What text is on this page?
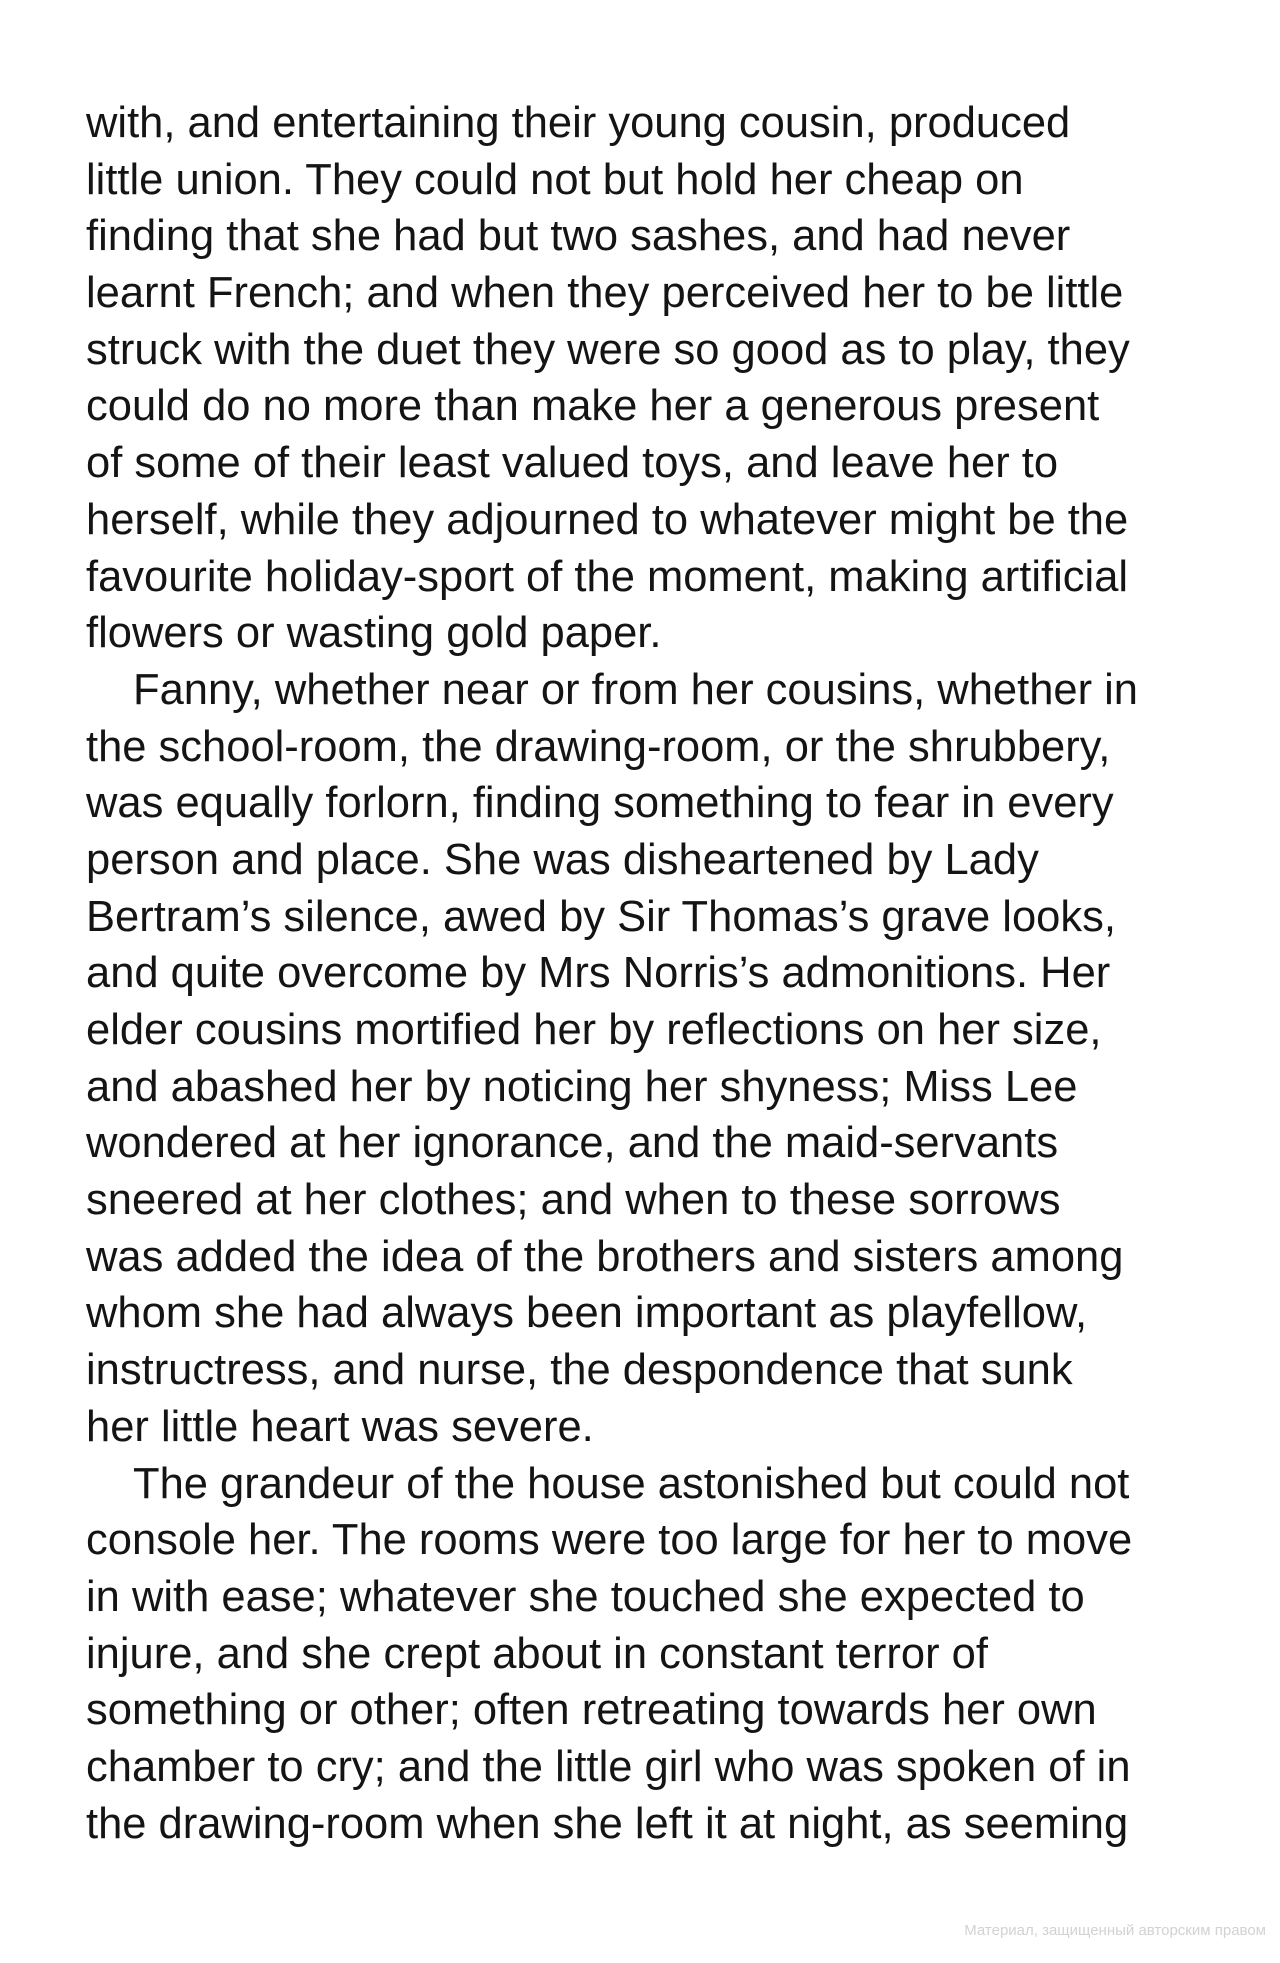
with, and entertaining their young cousin, produced
little union. They could not but hold her cheap on
finding that she had but two sashes, and had never
learnt French; and when they perceived her to be little
struck with the duet they were so good as to play, they
could do no more than make her a generous present
of some of their least valued toys, and leave her to
herself, while they adjourned to whatever might be the
favourite holiday-sport of the moment, making artificial
flowers or wasting gold paper.
Fanny, whether near or from her cousins, whether in
the school-room, the drawing-room, or the shrubbery,
was equally forlorn, finding something to fear in every
person and place. She was disheartened by Lady
Bertram’s silence, awed by Sir Thomas’s grave looks,
and quite overcome by Mrs Norris’s admonitions. Her
elder cousins mortified her by reflections on her size,
and abashed her by noticing her shyness; Miss Lee
wondered at her ignorance, and the maid-servants
sneered at her clothes; and when to these sorrows
was added the idea of the brothers and sisters among
whom she had always been important as playfellow,
instructress, and nurse, the despondence that sunk
her little heart was severe.
The grandeur of the house astonished but could not
console her. The rooms were too large for her to move
in with ease; whatever she touched she expected to
injure, and she crept about in constant terror of
something or other; often retreating towards her own
chamber to cry; and the little girl who was spoken of in
the drawing-room when she left it at night, as seeming
Материал, защищенный авторским правом
